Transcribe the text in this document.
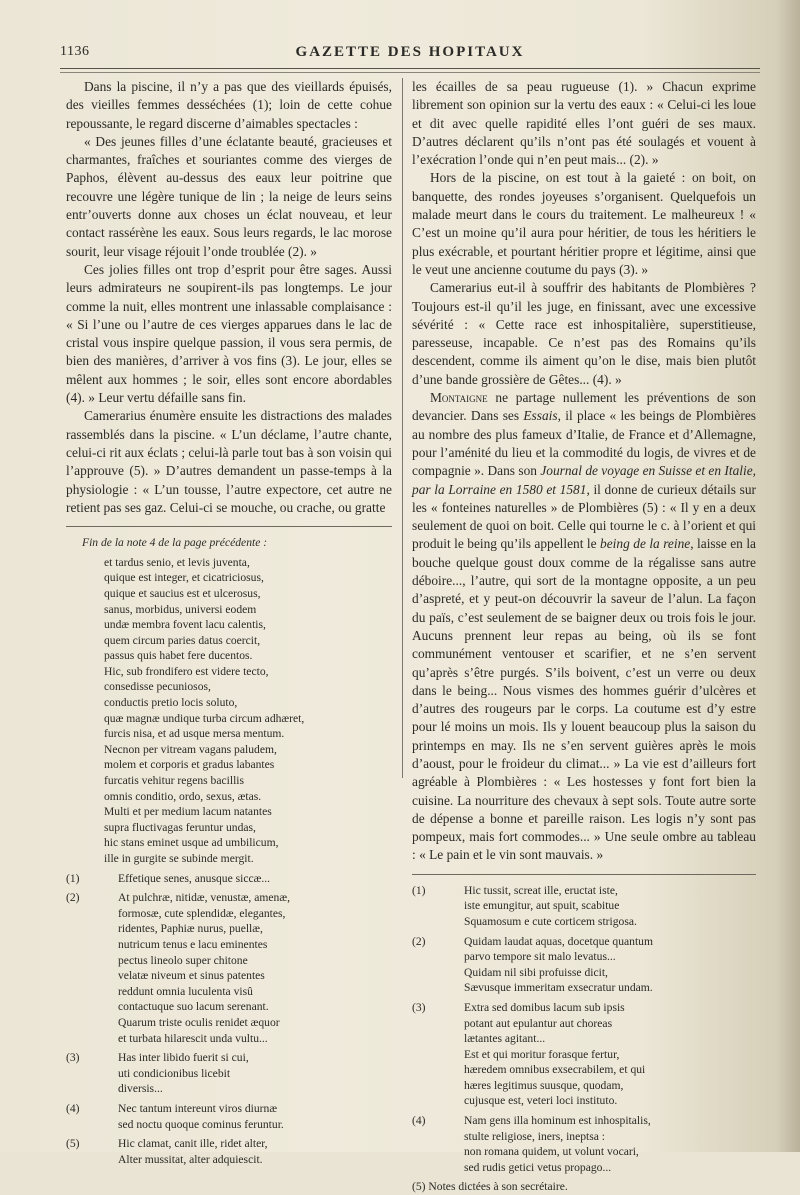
1136	GAZETTE DES HOPITAUX

Dans la piscine, il n’y a pas que des vieillards épuisés, des vieilles femmes desséchées (1); loin de cette cohue repoussante, le regard discerne d’aimables spectacles :

« Des jeunes filles d’une éclatante beauté, gracieuses et charmantes, fraîches et souriantes comme des vierges de Paphos, élèvent au-dessus des eaux leur poitrine que recouvre une légère tunique de lin ; la neige de leurs seins entr’ouverts donne aux choses un éclat nouveau, et leur contact rassérène les eaux. Sous leurs regards, le lac morose sourit, leur visage réjouit l’onde troublée (2). »

Ces jolies filles ont trop d’esprit pour être sages. Aussi leurs admirateurs ne soupirent-ils pas longtemps. Le jour comme la nuit, elles montrent une inlassable complaisance : « Si l’une ou l’autre de ces vierges apparues dans le lac de cristal vous inspire quelque passion, il vous sera permis, de bien des manières, d’arriver à vos fins (3). Le jour, elles se mêlent aux hommes ; le soir, elles sont encore abordables (4). » Leur vertu défaille sans fin.

Camerarius énumère ensuite les distractions des malades rassemblés dans la piscine. « L’un déclame, l’autre chante, celui-ci rit aux éclats ; celui-là parle tout bas à son voisin qui l’approuve (5). » D’autres demandent un passe-temps à la physiologie : « L’un tousse, l’autre expectore, cet autre ne retient pas ses gaz. Celui-ci se mouche, ou crache, ou gratte

Fin de la note 4 de la page précédente :
et tardus senio, et levis juventa,
quique est integer, et cicatriciosus,
quique et saucius est et ulcerosus,
sanus, morbidus, universi eodem
undæ membra fovent lacu calentis,
quem circum paries datus coercit,
passus quis habet fere ducentos.
Hic, sub frondifero est videre tecto,
consedisse pecuniosos,
conductis pretio locis soluto,
quæ magnæ undique turba circum adhæret,
furcis nisa, et ad usque mersa mentum.
Necnon per vitream vagans paludem,
molem et corporis et gradus labantes
furcatis vehitur regens bacillis
omnis conditio, ordo, sexus, ætas.
Multi et per medium lacum natantes
supra fluctivagas feruntur undas,
hic stans eminet usque ad umbilicum,
ille in gurgite se subinde mergit.
(1)	Effetique senes, anusque siccæ...
(2)	At pulchræ, nitidæ, venustæ, amenæ,
formosæ, cute splendidæ, elegantes,
ridentes, Paphiæ nurus, puellæ,
nutricum tenus e lacu eminentes
pectus lineolo super chitone
velatæ niveum et sinus patentes
reddunt omnia luculenta visû
contactuque suo lacum serenant.
Quarum triste oculis renidet æquor
et turbata hilarescit unda vultu...
(3)	Has inter libido fuerit si cui,
uti condicionibus licebit
diversis...
(4)	Nec tantum intereunt viros diurnæ
sed noctu quoque cominus feruntur.
(5)	Hic clamat, canit ille, ridet alter,
Alter mussitat, alter adquiescit.

les écailles de sa peau rugueuse (1). » Chacun exprime librement son opinion sur la vertu des eaux : « Celui-ci les loue et dit avec quelle rapidité elles l’ont guéri de ses maux. D’autres déclarent qu’ils n’ont pas été soulagés et vouent à l’exécration l’onde qui n’en peut mais... (2). »

Hors de la piscine, on est tout à la gaieté : on boit, on banquette, des rondes joyeuses s’organisent. Quelquefois un malade meurt dans le cours du traitement. Le malheureux ! « C’est un moine qu’il aura pour héritier, de tous les héritiers le plus exécrable, et pourtant héritier propre et légitime, ainsi que le veut une ancienne coutume du pays (3). »

Camerarius eut-il à souffrir des habitants de Plombières ? Toujours est-il qu’il les juge, en finissant, avec une excessive sévérité : « Cette race est inhospitalière, superstitieuse, paresseuse, incapable. Ce n’est pas des Romains qu’ils descendent, comme ils aiment qu’on le dise, mais bien plutôt d’une bande grossière de Gêtes... (4). »

Montaigne ne partage nullement les préventions de son devancier. Dans ses Essais, il place « les beings de Plombières au nombre des plus fameux d’Italie, de France et d’Allemagne, pour l’aménité du lieu et la commodité du logis, de vivres et de compagnie ». Dans son Journal de voyage en Suisse et en Italie, par la Lorraine en 1580 et 1581, il donne de curieux détails sur les « fonteines naturelles » de Plombières (5) : « Il y en a deux seulement de quoi on boit. Celle qui tourne le c. à l’orient et qui produit le being qu’ils appellent le being de la reine, laisse en la bouche quelque goust doux comme de la régalisse sans autre déboire..., l’autre, qui sort de la montagne opposite, a un peu d’aspreté, et y peut-on découvrir la saveur de l’alun. La façon du païs, c’est seulement de se baigner deux ou trois fois le jour. Aucuns prennent leur repas au being, où ils se font communément ventouser et scarifier, et ne s’en servent qu’après s’être purgés. S’ils boivent, c’est un verre ou deux dans le being... Nous vismes des hommes guérir d’ulcères et d’autres des rougeurs par le corps. La coutume est d’y estre pour lé moins un mois. Ils y louent beaucoup plus la saison du printemps en may. Ils ne s’en servent guières après le mois d’aoust, pour le froideur du climat... » La vie est d’ailleurs fort agréable à Plombières : « Les hostesses y font fort bien la cuisine. La nourriture des chevaux à sept sols. Toute autre sorte de dépense a bonne et pareille raison. Les logis n’y sont pas pompeux, mais fort commodes... » Une seule ombre au tableau : « Le pain et le vin sont mauvais. »

(1)	Hic tussit, screat ille, eructat iste,
iste emungitur, aut spuit, scabitue
Squamosum e cute corticem strigosa.
(2)	Quidam laudat aquas, docetque quantum
parvo tempore sit malo levatus...
Quidam nil sibi profuisse dicit,
Sævusque immeritam exsecratur undam.
(3)	Extra sed domibus lacum sub ipsis
potant aut epulantur aut choreas
lætantes agitant...
Est et qui moritur forasque fertur,
hæredem omnibus exsecrabilem, et qui
hæres legitimus suusque, quodam,
cujusque est, veteri loci instituto.
(4)	Nam gens illa hominum est inhospitalis,
stulte religiose, iners, ineptsa :
non romana quidem, ut volunt vocari,
sed rudis getici vetus propago...
(5) Notes dictées à son secrétaire.
